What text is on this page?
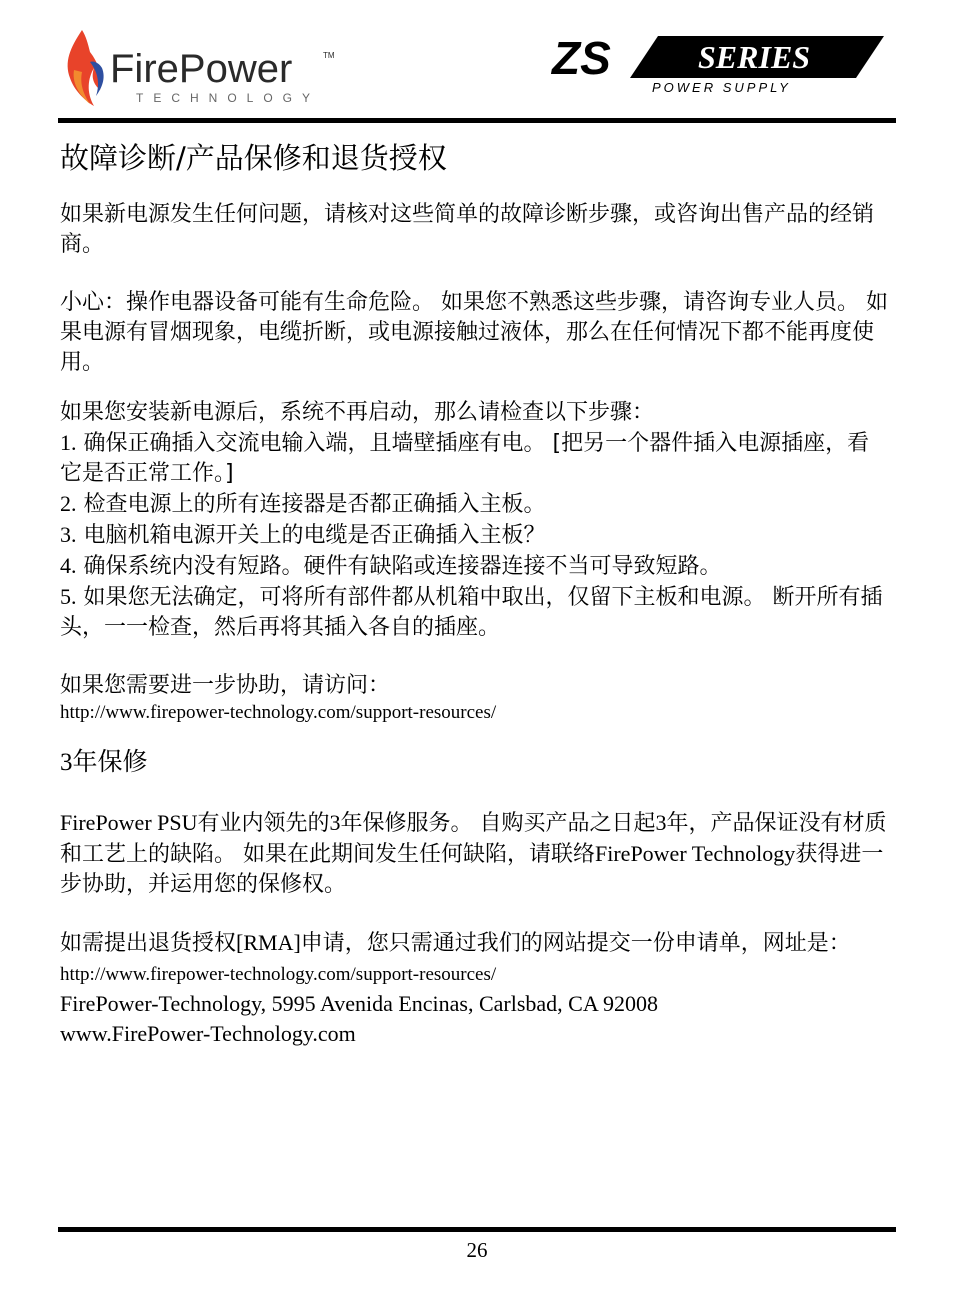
FirePower	TM
TECHNOLOGY
ZS	SERIES
POWER SUPPLY
故障诊断/产品保修和退货授权

如果新电源发生任何问题，请核对这些简单的故障诊断步骤，或咨询出售产品的经销商。

小心：操作电器设备可能有生命危险。 如果您不熟悉这些步骤，请咨询专业人员。 如果电源有冒烟现象，电缆折断，或电源接触过液体，那么在任何情况下都不能再度使用。

如果您安装新电源后，系统不再启动，那么请检查以下步骤：

1. 确保正确插入交流电输入端，且墙壁插座有电。 [把另一个器件插入电源插座，看它是否正常工作。]
2. 检查电源上的所有连接器是否都正确插入主板。
3. 电脑机箱电源开关上的电缆是否正确插入主板？
4. 确保系统内没有短路。硬件有缺陷或连接器连接不当可导致短路。
5. 如果您无法确定，可将所有部件都从机箱中取出，仅留下主板和电源。 断开所有插头，一一检查，然后再将其插入各自的插座。

如果您需要进一步协助，请访问：

http://www.firepower-technology.com/support-resources/
3年保修

FirePower PSU有业内领先的3年保修服务。 自购买产品之日起3年，产品保证没有材质和工艺上的缺陷。 如果在此期间发生任何缺陷，请联络FirePower Technology获得进一步协助，并运用您的保修权。

如需提出退货授权[RMA]申请，您只需通过我们的网站提交一份申请单，网址是： http://www.firepower-technology.com/support-resources/

FirePower-Technology, 5995 Avenida Encinas, Carlsbad, CA 92008

www.FirePower-Technology.com

26
